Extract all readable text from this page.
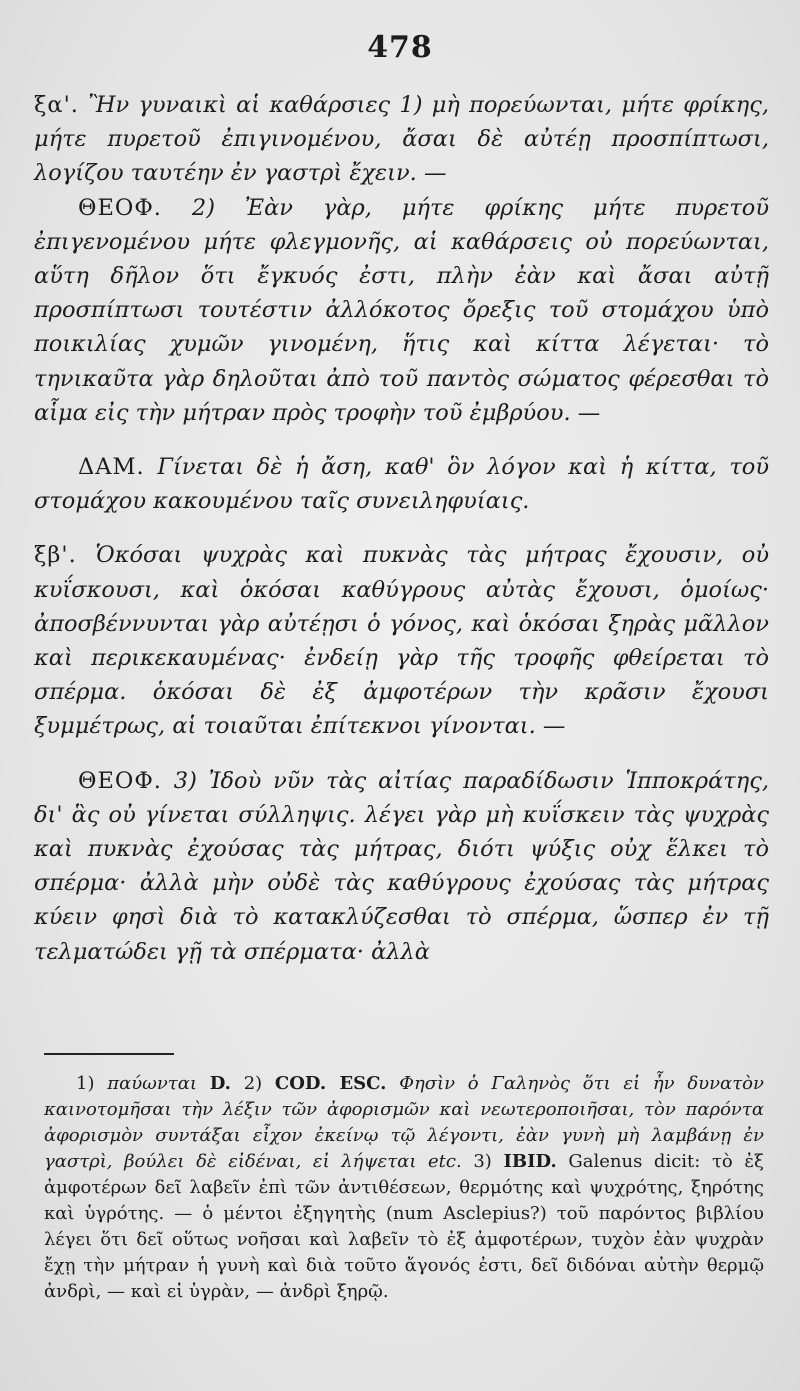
478

ξα'. Ἢν γυναικὶ αἱ καθάρσιες 1) μὴ πορεύωνται, μήτε φρίκης, μήτε πυρετοῦ ἐπιγινομένου, ἄσαι δὲ αὐτέῃ προσπίπτωσι, λογίζου ταυτέην ἐν γαστρὶ ἔχειν. —

ΘΕΟΦ. 2) Ἐὰν γὰρ, μήτε φρίκης μήτε πυρετοῦ ἐπιγενομένου μήτε φλεγμονῆς, αἱ καθάρσεις οὐ πορεύωνται, αὕτη δῆλον ὅτι ἔγκυός ἐστι, πλὴν ἐὰν καὶ ἄσαι αὐτῇ προσπίπτωσι τουτέστιν ἀλλόκοτος ὄρεξις τοῦ στομάχου ὑπὸ ποικιλίας χυμῶν γινομένη, ἥτις καὶ κίττα λέγεται· τὸ τηνικαῦτα γὰρ δηλοῦται ἀπὸ τοῦ παντὸς σώματος φέρεσθαι τὸ αἷμα εἰς τὴν μήτραν πρὸς τροφὴν τοῦ ἐμβρύου. —

ΔΑΜ. Γίνεται δὲ ἡ ἄση, καθ' ὃν λόγον καὶ ἡ κίττα, τοῦ στομάχου κακουμένου ταῖς συνειληφυίαις.

ξβ'. Ὁκόσαι ψυχρὰς καὶ πυκνὰς τὰς μήτρας ἔχουσιν, οὐ κυΐσκουσι, καὶ ὁκόσαι καθύγρους αὐτὰς ἔχουσι, ὁμοίως· ἀποσβέννυνται γὰρ αὐτέῃσι ὁ γόνος, καὶ ὁκόσαι ξηρὰς μᾶλλον καὶ περικεκαυμένας· ἐνδείῃ γὰρ τῆς τροφῆς φθείρεται τὸ σπέρμα. ὁκόσαι δὲ ἐξ ἀμφοτέρων τὴν κρᾶσιν ἔχουσι ξυμμέτρως, αἱ τοιαῦται ἐπίτεκνοι γίνονται. —

ΘΕΟΦ. 3) Ἰδοὺ νῦν τὰς αἰτίας παραδίδωσιν Ἱπποκράτης, δι' ἃς οὐ γίνεται σύλληψις. λέγει γὰρ μὴ κυΐσκειν τὰς ψυχρὰς καὶ πυκνὰς ἐχούσας τὰς μήτρας, διότι ψύξις οὐχ ἕλκει τὸ σπέρμα· ἀλλὰ μὴν οὐδὲ τὰς καθύγρους ἐχούσας τὰς μήτρας κύειν φησὶ διὰ τὸ κατακλύζεσθαι τὸ σπέρμα, ὥσπερ ἐν τῇ τελματώδει γῇ τὰ σπέρματα· ἀλλὰ

1) παύωνται D. 2) COD. ESC. Φησὶν ὁ Γαληνὸς ὅτι εἰ ἦν δυνατὸν καινοτομῆσαι τὴν λέξιν τῶν ἀφορισμῶν καὶ νεωτεροποιῆσαι, τὸν παρόντα ἀφορισμὸν συντάξαι εἶχον ἐκείνῳ τῷ λέγοντι, ἐὰν γυνὴ μὴ λαμβάνῃ ἐν γαστρὶ, βούλει δὲ εἰδέναι, εἰ λήψεται etc. 3) IBID. Galenus dicit: τὸ ἐξ ἀμφοτέρων δεῖ λαβεῖν ἐπὶ τῶν ἀντιθέσεων, θερμότης καὶ ψυχρότης, ξηρότης καὶ ὑγρότης. — ὁ μέντοι ἐξηγητὴς (num Asclepius?) τοῦ παρόντος βιβλίου λέγει ὅτι δεῖ οὕτως νοῆσαι καὶ λαβεῖν τὸ ἐξ ἀμφοτέρων, τυχὸν ἐὰν ψυχρὰν ἔχῃ τὴν μήτραν ἡ γυνὴ καὶ διὰ τοῦτο ἄγονός ἐστι, δεῖ διδόναι αὐτὴν θερμῷ ἀνδρὶ, — καὶ εἰ ὑγρὰν, — ἀνδρὶ ξηρῷ.
